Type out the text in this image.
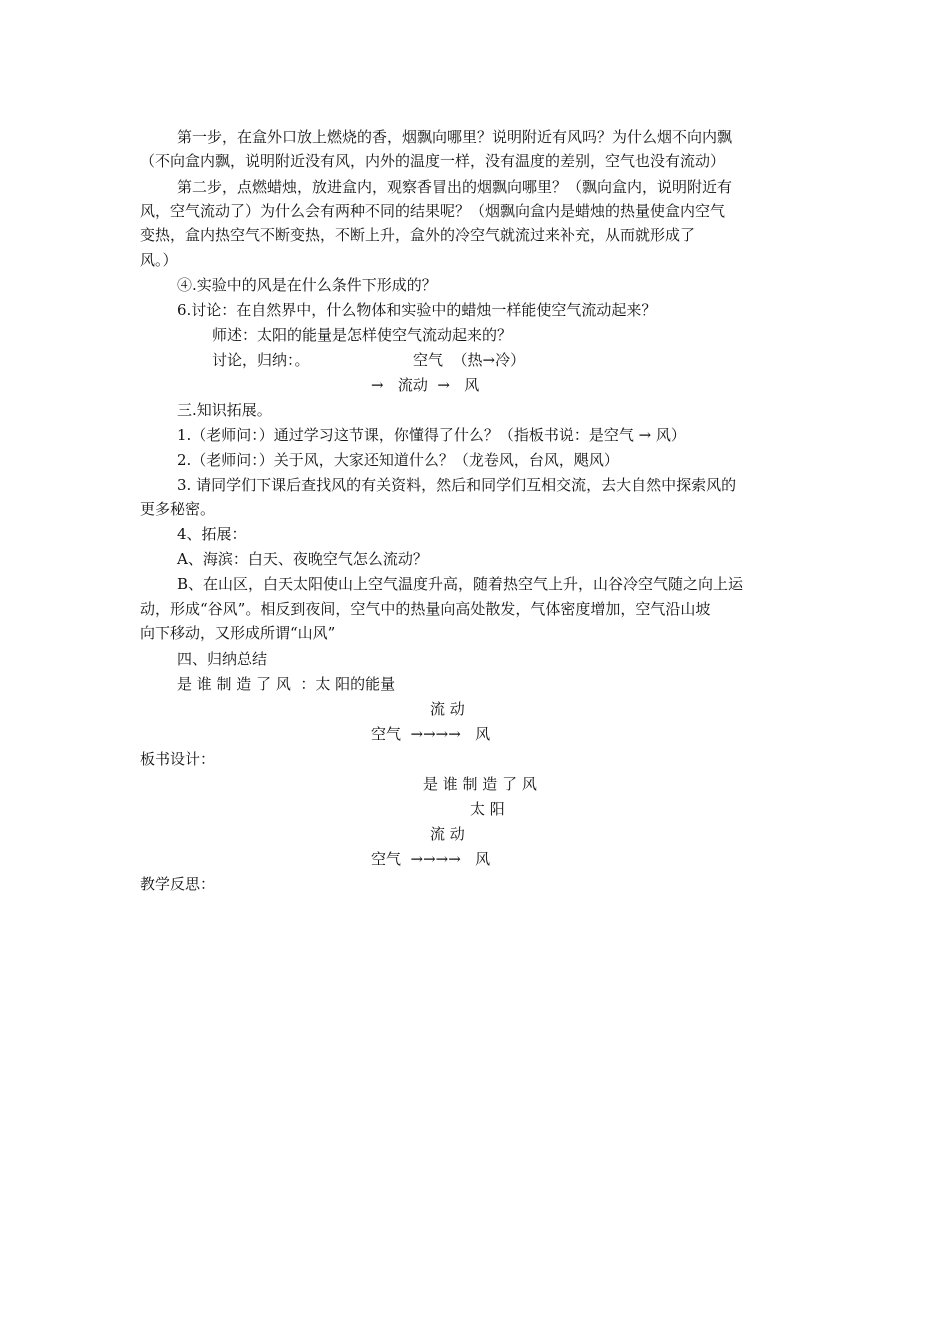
第一步，在盒外口放上燃烧的香，烟飘向哪里？说明附近有风吗？为什么烟不向内飘
（不向盒内飘，说明附近没有风，内外的温度一样，没有温度的差别，空气也没有流动）
第二步，点燃蜡烛，放进盒内，观察香冒出的烟飘向哪里？（飘向盒内，说明附近有
风，空气流动了）为什么会有两种不同的结果呢？（烟飘向盒内是蜡烛的热量使盒内空气
变热，盒内热空气不断变热，不断上升，盒外的冷空气就流过来补充，从而就形成了
风。）
④.实验中的风是在什么条件下形成的？
6.讨论：在自然界中，什么物体和实验中的蜡烛一样能使空气流动起来？
师述：太阳的能量是怎样使空气流动起来的？
讨论，归纳：。	空气  （热→冷）
→   流动  →   风
三.知识拓展。
1.（老师问：）通过学习这节课，你懂得了什么？（指板书说：是空气 → 风）
2.（老师问：）关于风，大家还知道什么？（龙卷风，台风，飓风）
3. 请同学们下课后查找风的有关资料，然后和同学们互相交流，去大自然中探索风的
更多秘密。
4、拓展：
A、海滨：白天、夜晚空气怎么流动？
B、在山区，白天太阳使山上空气温度升高，随着热空气上升，山谷冷空气随之向上运
动，形成“谷风”。相反到夜间，空气中的热量向高处散发，气体密度增加，空气沿山坡
向下移动，又形成所谓“山风”
四、归纳总结
是 谁 制 造 了 风  ：太 阳的能量
流 动
空气  →→→→   风
板书设计：
是 谁 制 造 了 风
太 阳
流 动
空气  →→→→   风
教学反思：
